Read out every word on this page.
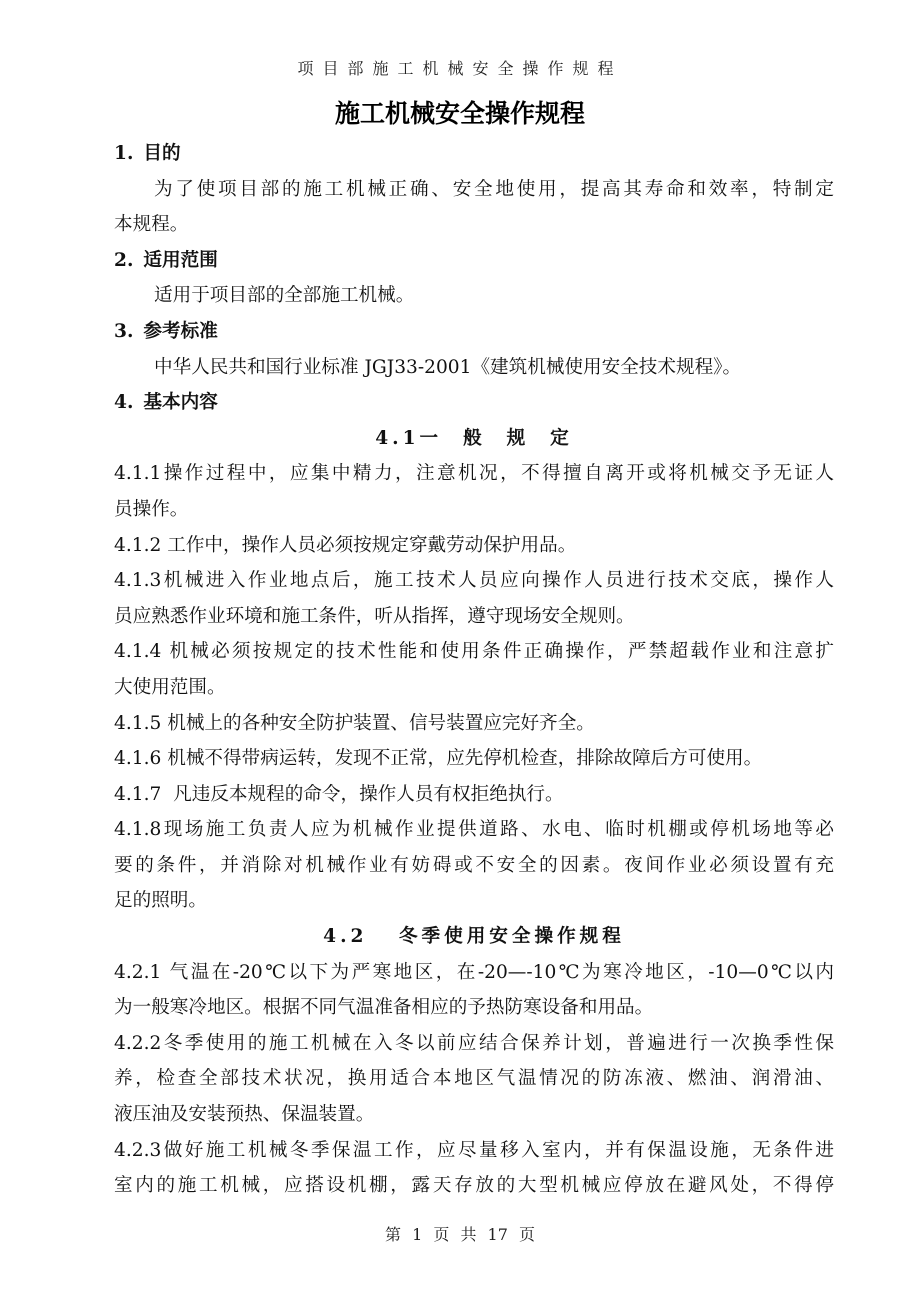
项目部施工机械安全操作规程
施工机械安全操作规程
1. 目的
为了使项目部的施工机械正确、安全地使用，提高其寿命和效率，特制定
本规程。
2. 适用范围
适用于项目部的全部施工机械。
3. 参考标准
中华人民共和国行业标准 JGJ33-2001《建筑机械使用安全技术规程》。
4. 基本内容
4.1一  般  规  定
4.1.1操作过程中，应集中精力，注意机况，不得擅自离开或将机械交予无证人
员操作。
4.1.2 工作中，操作人员必须按规定穿戴劳动保护用品。
4.1.3机械进入作业地点后，施工技术人员应向操作人员进行技术交底，操作人
员应熟悉作业环境和施工条件，听从指挥，遵守现场安全规则。
4.1.4 机械必须按规定的技术性能和使用条件正确操作，严禁超载作业和注意扩
大使用范围。
4.1.5 机械上的各种安全防护装置、信号装置应完好齐全。
4.1.6 机械不得带病运转，发现不正常，应先停机检查，排除故障后方可使用。
4.1.7  凡违反本规程的命令，操作人员有权拒绝执行。
4.1.8现场施工负责人应为机械作业提供道路、水电、临时机棚或停机场地等必
要的条件，并消除对机械作业有妨碍或不安全的因素。夜间作业必须设置有充
足的照明。
4.2   冬季使用安全操作规程
4.2.1 气温在-20℃以下为严寒地区，在-20—-10℃为寒冷地区，-10—0℃以内
为一般寒冷地区。根据不同气温准备相应的予热防寒设备和用品。
4.2.2冬季使用的施工机械在入冬以前应结合保养计划，普遍进行一次换季性保
养，检查全部技术状况，换用适合本地区气温情况的防冻液、燃油、润滑油、
液压油及安装预热、保温装置。
4.2.3做好施工机械冬季保温工作，应尽量移入室内，并有保温设施，无条件进
室内的施工机械，应搭设机棚，露天存放的大型机械应停放在避风处，不得停
第 1 页 共 17 页
